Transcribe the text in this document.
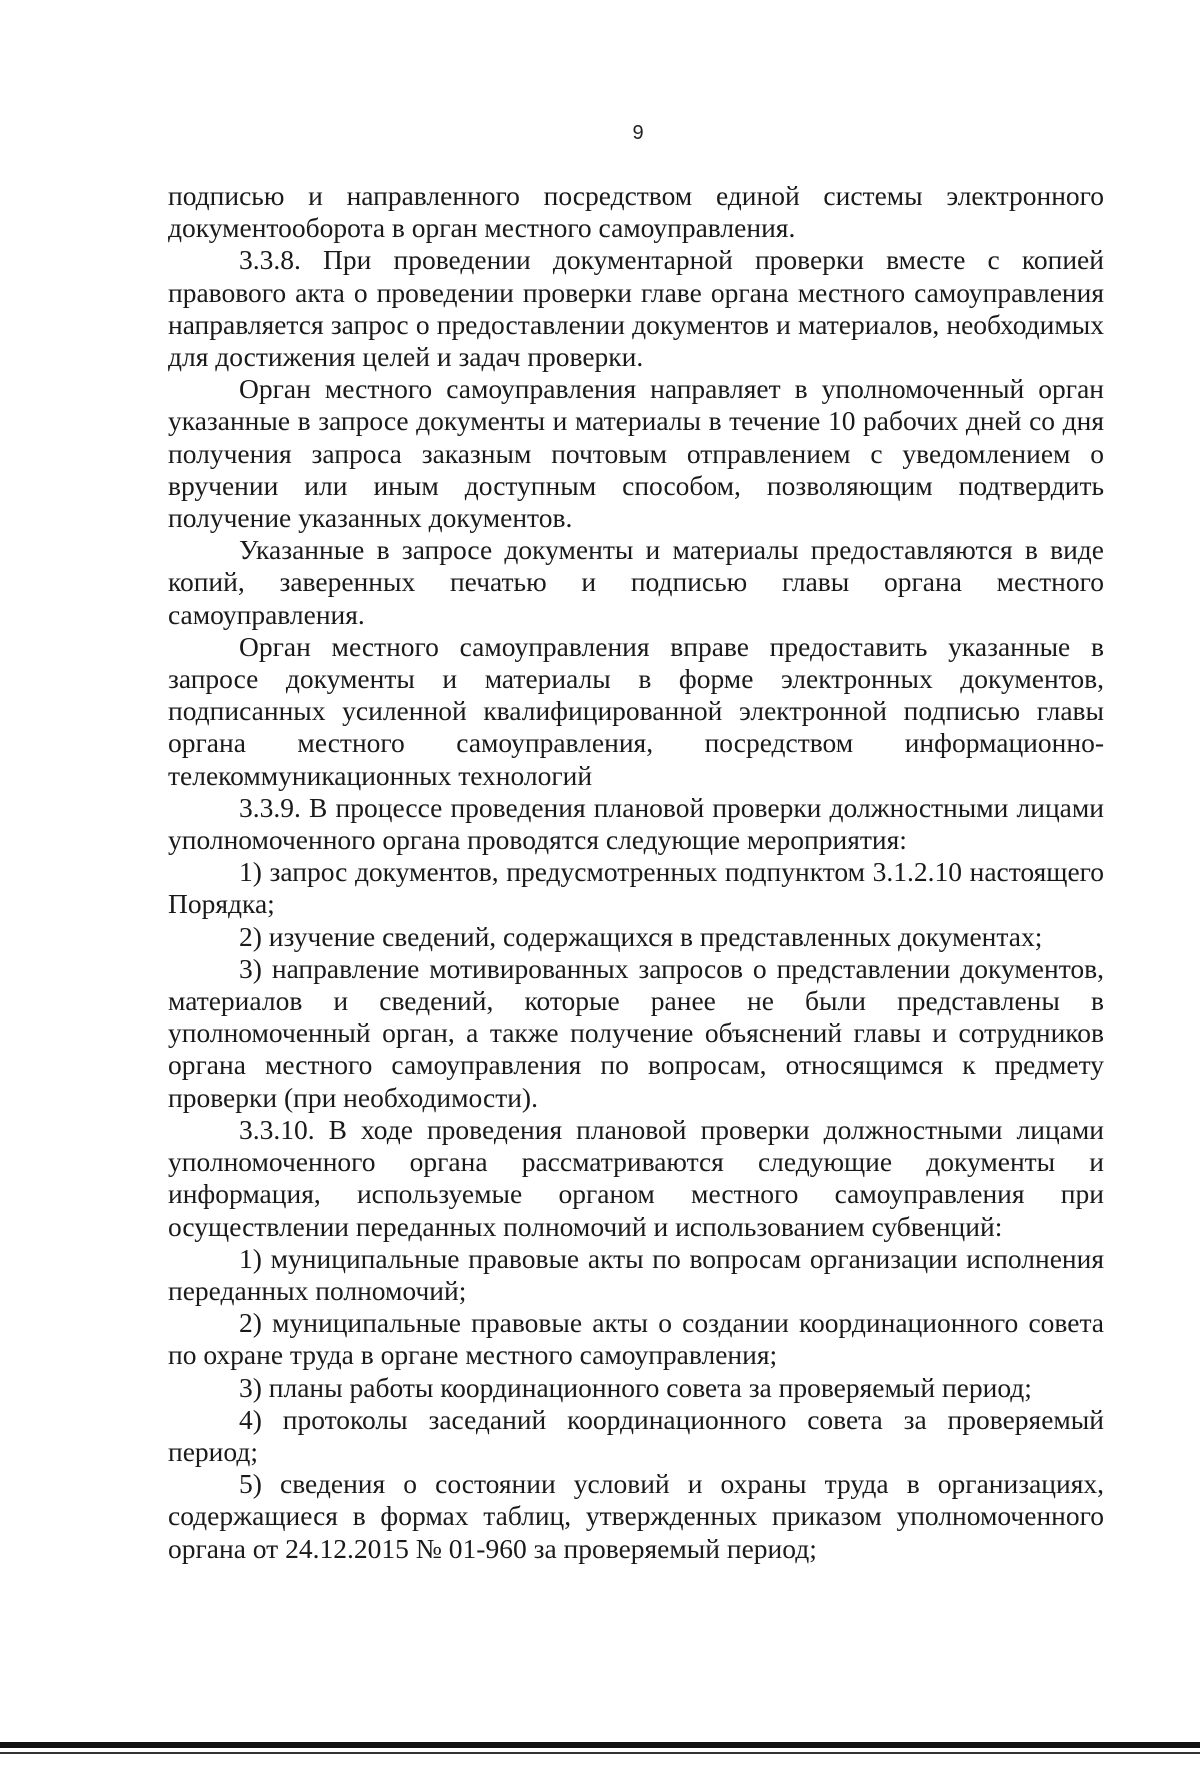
9

подписью и направленного посредством единой системы электронного документооборота в орган местного самоуправления.

3.3.8. При проведении документарной проверки вместе с копией правового акта о проведении проверки главе органа местного самоуправления направляется запрос о предоставлении документов и материалов, необходимых для достижения целей и задач проверки.

Орган местного самоуправления направляет в уполномоченный орган указанные в запросе документы и материалы в течение 10 рабочих дней со дня получения запроса заказным почтовым отправлением с уведомлением о вручении или иным доступным способом, позволяющим подтвердить получение указанных документов.

Указанные в запросе документы и материалы предоставляются в виде копий, заверенных печатью и подписью главы органа местного самоуправления.

Орган местного самоуправления вправе предоставить указанные в запросе документы и материалы в форме электронных документов, подписанных усиленной квалифицированной электронной подписью главы органа местного самоуправления, посредством информационно-телекоммуникационных технологий

3.3.9. В процессе проведения плановой проверки должностными лицами уполномоченного органа проводятся следующие мероприятия:

1) запрос документов, предусмотренных подпунктом 3.1.2.10 настоящего Порядка;

2) изучение сведений, содержащихся в представленных документах;

3) направление мотивированных запросов о представлении документов, материалов и сведений, которые ранее не были представлены в уполномоченный орган, а также получение объяснений главы и сотрудников органа местного самоуправления по вопросам, относящимся к предмету проверки (при необходимости).

3.3.10. В ходе проведения плановой проверки должностными лицами уполномоченного органа рассматриваются следующие документы и информация, используемые органом местного самоуправления при осуществлении переданных полномочий и использованием субвенций:

1) муниципальные правовые акты по вопросам организации исполнения переданных полномочий;

2) муниципальные правовые акты о создании координационного совета по охране труда в органе местного самоуправления;

3) планы работы координационного совета за проверяемый период;

4) протоколы заседаний координационного совета за проверяемый период;

5) сведения о состоянии условий и охраны труда в организациях, содержащиеся в формах таблиц, утвержденных приказом уполномоченного органа от 24.12.2015 № 01-960 за проверяемый период;
